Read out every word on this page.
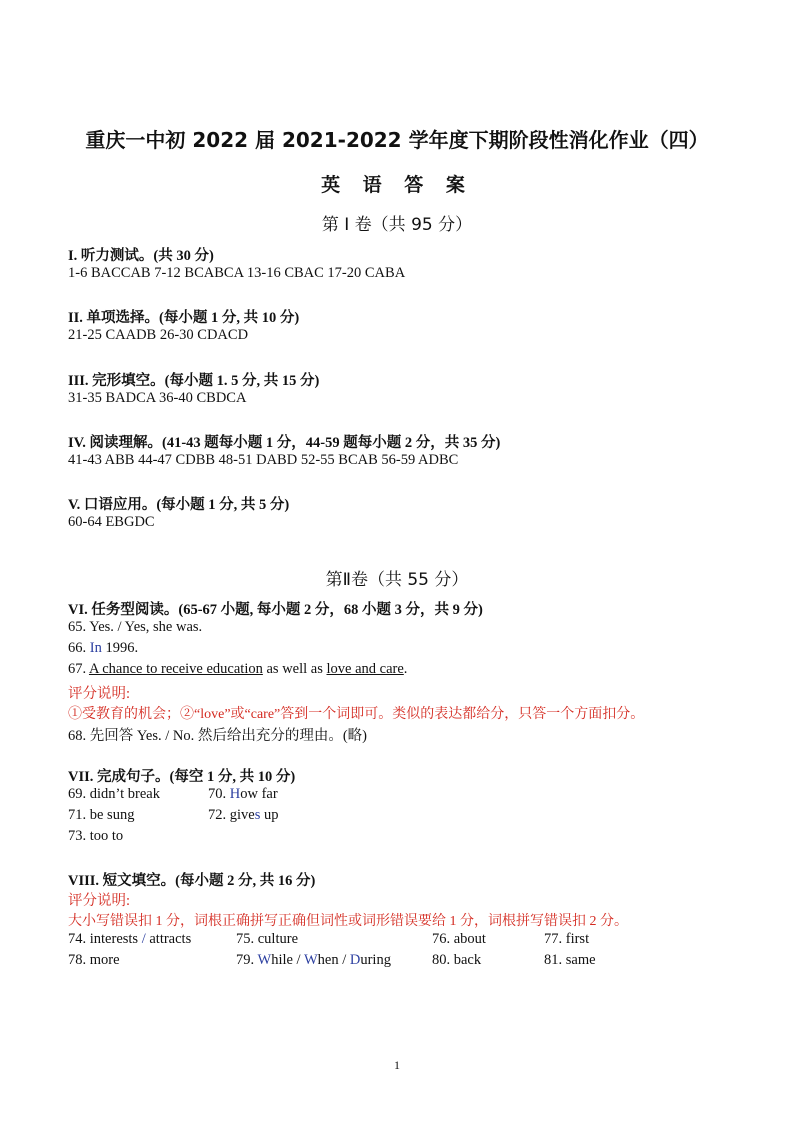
重庆一中初 2022 届 2021-2022 学年度下期阶段性消化作业（四）
英 语 答 案
第 I 卷（共 95 分）
I. 听力测试。(共 30 分)
1-6 BACCAB 7-12 BCABCA 13-16 CBAC 17-20 CABA
II. 单项选择。(每小题 1 分, 共 10 分)
21-25 CAADB 26-30 CDACD
III. 完形填空。(每小题 1. 5 分, 共 15 分)
31-35 BADCA 36-40 CBDCA
IV. 阅读理解。(41-43 题每小题 1 分，44-59 题每小题 2 分，共 35 分)
41-43 ABB 44-47 CDBB 48-51 DABD 52-55 BCAB 56-59 ADBC
V. 口语应用。(每小题 1 分, 共 5 分)
60-64 EBGDC
第Ⅱ卷（共 55 分）
VI. 任务型阅读。(65-67 小题, 每小题 2 分，68 小题 3 分，共 9 分)
65. Yes. / Yes, she was.
66. In 1996.
67. A chance to receive education as well as love and care.
评分说明:
①受教育的机会；②“love”或“care”答到一个词即可。类似的表达都给分，只答一个方面扣分。
68. 先回答 Yes. / No. 然后给出充分的理由。(略)
VII. 完成句子。(每空 1 分, 共 10 分)
69. didn’t break	70. How far
71. be sung	72. gives up
73. too to
VIII. 短文填空。(每小题 2 分, 共 16 分)
评分说明:
大小写错误扣 1 分，词根正确拼写正确但词性或词形错误要给 1 分，词根拼写错误扣 2 分。
74. interests / attracts	75. culture	76. about	77. first
78. more	79. While / When / During	80. back	81. same
1
